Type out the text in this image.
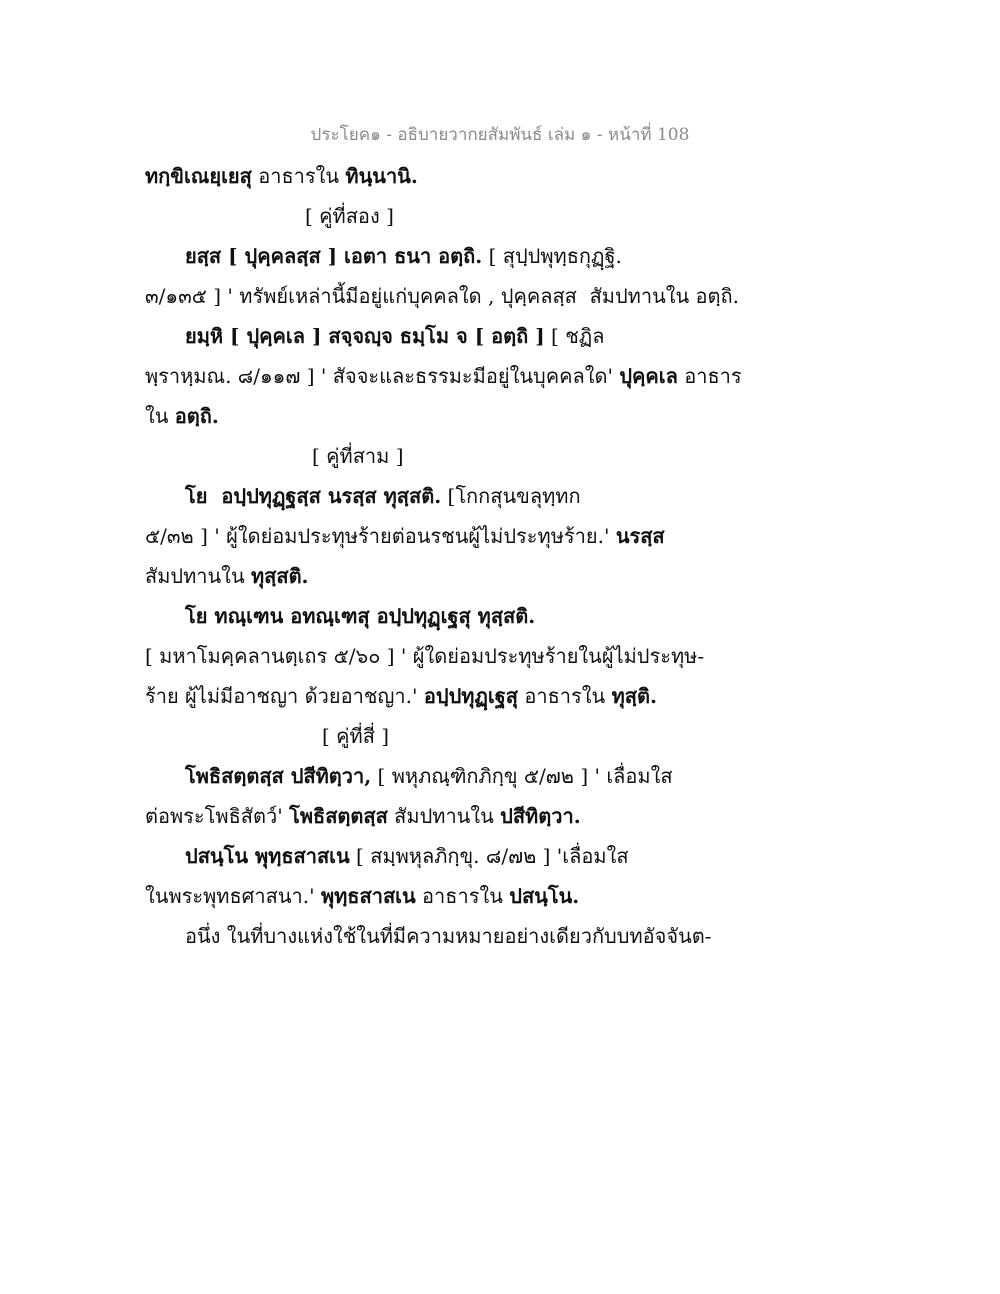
ประโยค๑ - อธิบายวากยสัมพันธ์ เล่ม ๑ - หน้าที่ 108
ทกฺขิเณยฺเยสุ อาธารใน ทินฺนานิ.
[ คู่ที่สอง ]
ยสฺส [ ปุคฺคลสฺส ] เอตา ธนา อตฺถิ. [ สุปฺปพุทฺธกุฏฺฐิ.
๓/๑๓๕ ] ' ทรัพย์เหล่านี้มีอยู่แก่บุคคลใด , ปุคฺคลสฺส  สัมปทานใน อตฺถิ.
ยมฺหิ [ ปุคฺคเล ] สจฺจญฺจ ธมฺโม จ [ อตฺถิ ] [ ชฏิล
พฺราหฺมณ. ๘/๑๑๗ ] ' สัจจะและธรรมะมีอยู่ในบุคคลใด' ปุคฺคเล อาธาร
ใน อตฺถิ.
[ คู่ที่สาม ]
โย  อปฺปทุฏฺฐสฺส นรสฺส ทุสฺสติ. [โกกสุนขลุทฺทก
๕/๓๒ ] ' ผู้ใดย่อมประทุษร้ายต่อนรชนผู้ไม่ประทุษร้าย.' นรสฺส
สัมปทานใน ทุสฺสติ.
โย ทณฺเฑน อทณฺเฑสุ อปฺปทุฏฺเฐสุ ทุสฺสติ.
[ มหาโมคฺคลานตฺเถร ๕/๖๐ ] ' ผู้ใดย่อมประทุษร้ายในผู้ไม่ประทุษ-
ร้าย ผู้ไม่มีอาชญา ด้วยอาชญา.' อปฺปทุฏฺเฐสุ อาธารใน ทุสฺติ.
[ คู่ที่สี่ ]
โพธิสตฺตสฺส ปสีทิตฺวา, [ พหุภณฺฑิกภิกฺขุ ๕/๗๒ ] ' เลื่อมใส
ต่อพระโพธิสัตว์' โพธิสตฺตสฺส สัมปทานใน ปสีทิตฺวา.
ปสนฺโน พุทฺธสาสเน [ สมฺพหุลภิกฺขุ. ๘/๗๒ ] 'เลื่อมใส
ในพระพุทธศาสนา.' พุทฺธสาสเน อาธารใน ปสนฺโน.
อนึ่ง ในที่บางแห่งใช้ในที่มีความหมายอย่างเดียวกับบทอัจจันต-
